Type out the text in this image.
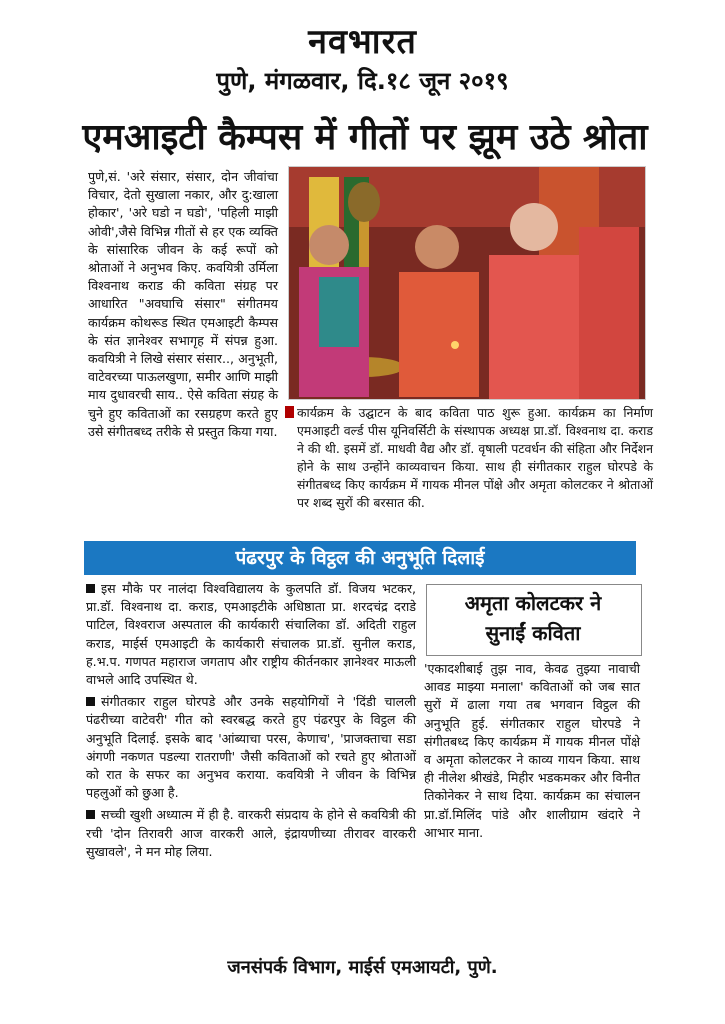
नवभारत
पुणे, मंगळवार, दि.१८ जून २०१९
एमआइटी कैम्पस में गीतों पर झूम उठे श्रोता
पुणे,सं. 'अरे संसार, संसार, दोन जीवांचा विचार, देतो सुखाला नकार, और दु:खाला होकार', 'अरे घडो न घडो', 'पहिली माझी ओवी',जैसे विभिन्न गीतों से हर एक व्यक्ति के सांसारिक जीवन के कई रूपों को श्रोताओं ने अनुभव किए. कवयित्री उर्मिला विश्वनाथ कराड की कविता संग्रह पर आधारित "अवघाचि संसार" संगीतमय कार्यक्रम कोथरूड स्थित एमआइटी कैम्पस के संत ज्ञानेश्वर सभागृह में संपन्न हुआ. कवयित्री ने लिखे संसार संसार.., अनुभूती, वाटेवरच्या पाऊलखुणा, समीर आणि माझी माय दुधावरची साय.. ऐसे कविता संग्रह के चुने हुए कविताओं का रसग्रहण करते हुए उसे संगीतबध्द तरीके से प्रस्तुत किया गया.
कार्यक्रम के उद्घाटन के बाद कविता पाठ शुरू हुआ. कार्यक्रम का निर्माण एमआइटी वर्ल्ड पीस यूनिवर्सिटी के संस्थापक अध्यक्ष प्रा.डॉ. विश्वनाथ दा. कराड ने की थी. इसमें डॉ. माधवी वैद्य और डॉ. वृषाली पटवर्धन की संहिता और निर्देशन होने के साथ उन्होंने काव्यवाचन किया. साथ ही संगीतकार राहुल घोरपडे के संगीतबध्द किए कार्यक्रम में गायक मीनल पोंक्षे और अमृता कोलटकर ने श्रोताओं पर शब्द सुरों की बरसात की.
पंढरपुर के विट्ठल की अनुभूति दिलाई

इस मौके पर नालंदा विश्वविद्यालय के कुलपति डॉ. विजय भटकर, प्रा.डॉ. विश्वनाथ दा. कराड, एमआइटीके अधिष्ठाता प्रा. शरदचंद्र दराडे पाटिल, विश्वराज अस्पताल की कार्यकारी संचालिका डॉ. अदिती राहुल कराड, माईर्स एमआइटी के कार्यकारी संचालक प्रा.डॉ. सुनील कराड, ह.भ.प. गणपत महाराज जगताप और राष्ट्रीय कीर्तनकार ज्ञानेश्वर माऊली वाभले आदि उपस्थित थे.

संगीतकार राहुल घोरपडे और उनके सहयोगियों ने 'दिंडी चालली पंढरीच्या वाटेवरी' गीत को स्वरबद्ध करते हुए पंढरपुर के विट्ठल की अनुभूति दिलाई. इसके बाद 'आंब्याचा परस, केणाच', 'प्राजक्ताचा सडा अंगणी नकणत पडल्या रातराणी' जैसी कविताओं को रचते हुए श्रोताओं को रात के सफर का अनुभव कराया. कवयित्री ने जीवन के विभिन्न पहलुओं को छुआ है.

सच्ची खुशी अध्यात्म में ही है. वारकरी संप्रदाय के होने से कवयित्री की रची 'दोन तिरावरी आज वारकरी आले, इंद्रायणीच्या तीरावर वारकरी सुखावले', ने मन मोह लिया.

अमृता कोलटकर ने
सुनाईं कविता
'एकादशीबाई तुझ नाव, केवढ तुझ्या नावाची आवड माझ्या मनाला' कविताओं को जब सात सुरों में ढाला गया तब भगवान विट्ठल की अनुभूति हुई. संगीतकार राहुल घोरपडे ने संगीतबध्द किए कार्यक्रम में गायक मीनल पोंक्षे व अमृता कोलटकर ने काव्य गायन किया. साथ ही नीलेश श्रीखंडे, मिहीर भडकमकर और विनीत तिकोनेकर ने साथ दिया. कार्यक्रम का संचालन प्रा.डॉ.मिलिंद पांडे और शालीग्राम खंदारे ने आभार माना.
जनसंपर्क विभाग, माईर्स एमआयटी, पुणे.
